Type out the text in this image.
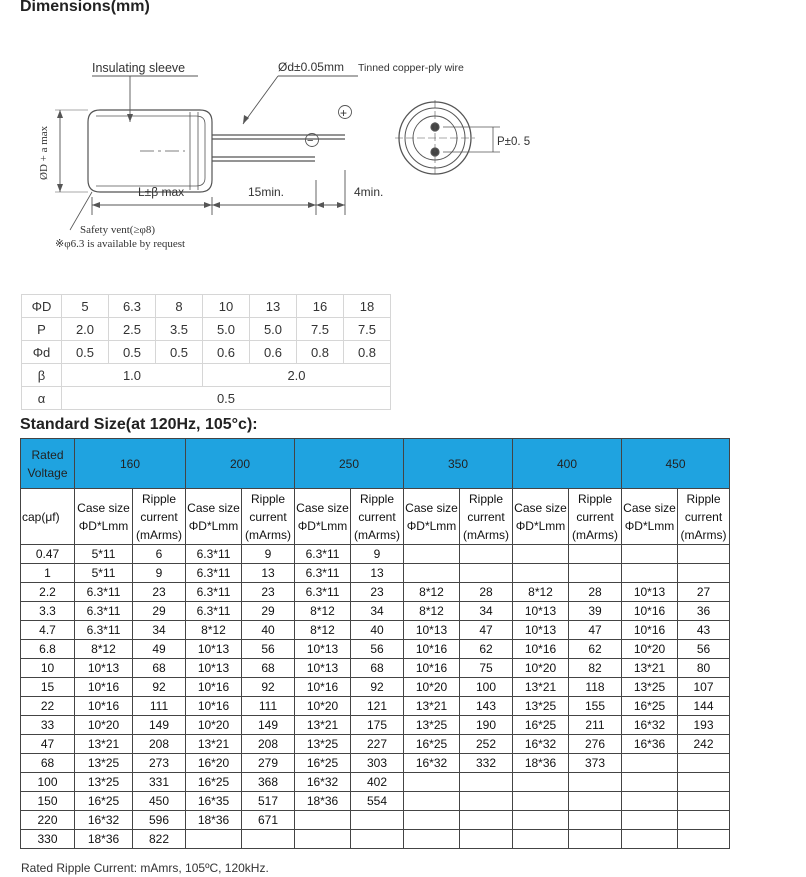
Dimensions(mm)
Insulating sleeve	Ød±0.05mm Tinned copper-ply wire
ØD + a max
L±β max	15min.	4min.
+
−	P±0. 5
Safety vent(≥φ8)
※φ6.3 is available by request
ΦD	5	6.3	8	10	13	16	18
P	2.0	2.5	3.5	5.0	5.0	7.5	7.5
Φd	0.5	0.5	0.5	0.6	0.6	0.8	0.8
β	1.0			2.0			
α	0.5						
Standard Size(at 120Hz, 105°c):
Rated Voltage	160		200		250		350		400		450	
cap(μf)	Case size ΦD*Lmm	Ripple current (mArms)	Case size ΦD*Lmm	Ripple current (mArms)	Case size ΦD*Lmm	Ripple current (mArms)	Case size ΦD*Lmm	Ripple current (mArms)	Case size ΦD*Lmm	Ripple current (mArms)	Case size ΦD*Lmm	Ripple current (mArms)
0.47	5*11	6	6.3*11	9	6.3*11	9						
1	5*11	9	6.3*11	13	6.3*11	13						
2.2	6.3*11	23	6.3*11	23	6.3*11	23	8*12	28	8*12	28	10*13	27
3.3	6.3*11	29	6.3*11	29	8*12	34	8*12	34	10*13	39	10*16	36
4.7	6.3*11	34	8*12	40	8*12	40	10*13	47	10*13	47	10*16	43
6.8	8*12	49	10*13	56	10*13	56	10*16	62	10*16	62	10*20	56
10	10*13	68	10*13	68	10*13	68	10*16	75	10*20	82	13*21	80
15	10*16	92	10*16	92	10*16	92	10*20	100	13*21	118	13*25	107
22	10*16	111	10*16	111	10*20	121	13*21	143	13*25	155	16*25	144
33	10*20	149	10*20	149	13*21	175	13*25	190	16*25	211	16*32	193
47	13*21	208	13*21	208	13*25	227	16*25	252	16*32	276	16*36	242
68	13*25	273	16*20	279	16*25	303	16*32	332	18*36	373		
100	13*25	331	16*25	368	16*32	402						
150	16*25	450	16*35	517	18*36	554						
220	16*32	596	18*36	671								
330	18*36	822										
Rated Ripple Current: mAmrs, 105ºC, 120kHz.
